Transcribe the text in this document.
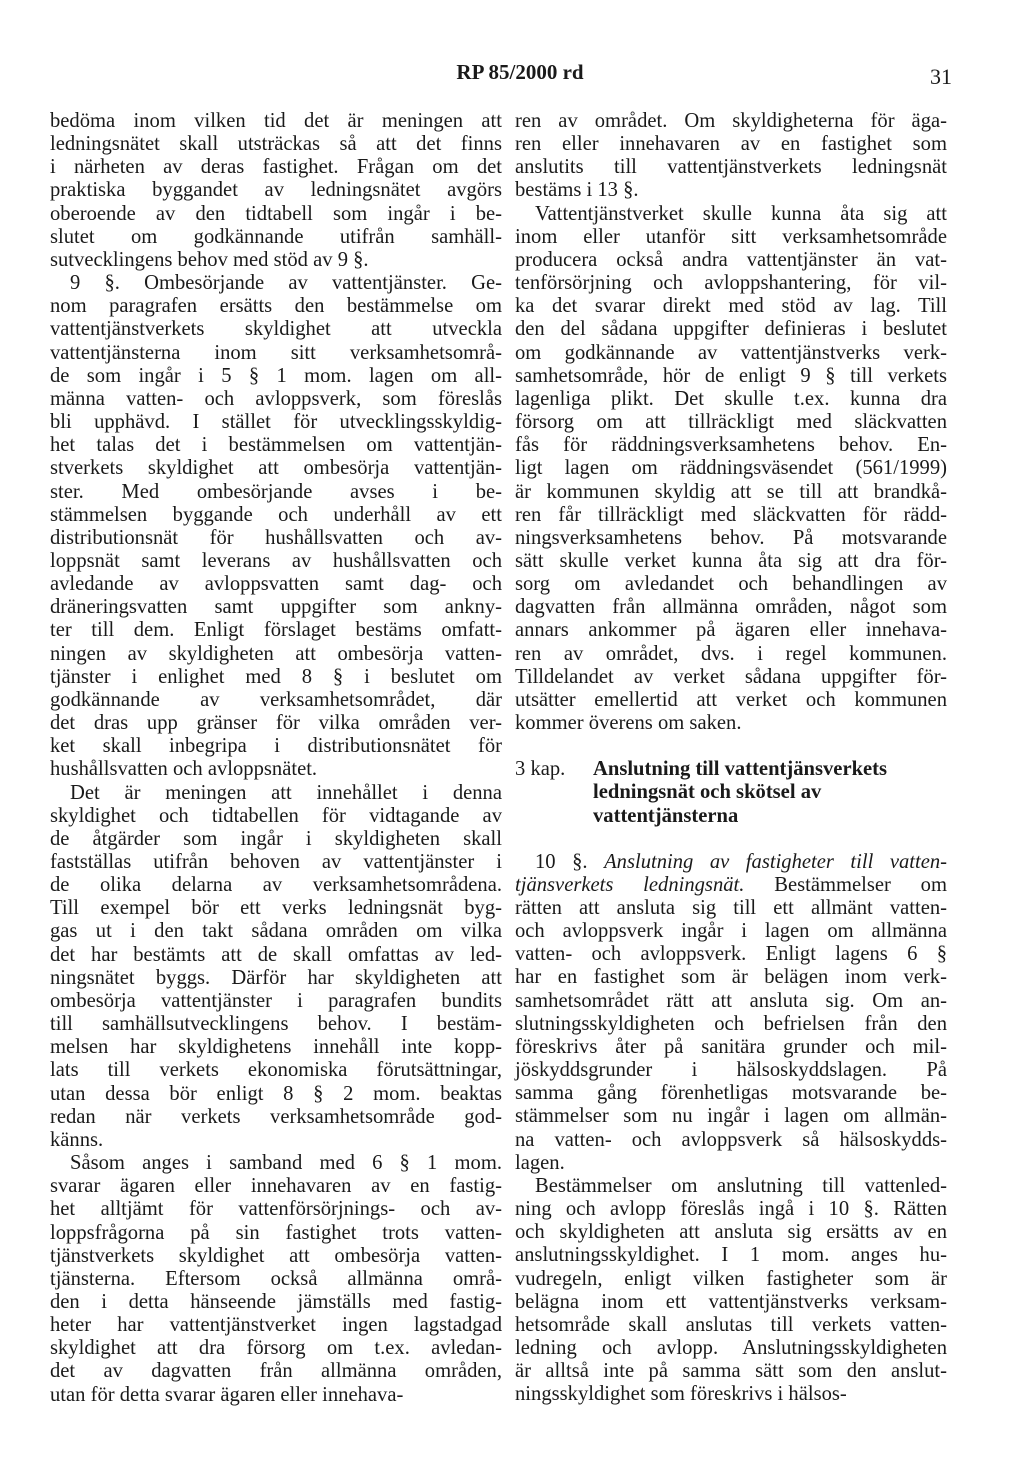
RP 85/2000 rd	31
bedöma inom vilken tid det är meningen att
ledningsnätet skall utsträckas så att det finns
i närheten av deras fastighet. Frågan om det
praktiska byggandet av ledningsnätet avgörs
oberoende av den tidtabell som ingår i be-
slutet om godkännande utifrån samhäll-
sutvecklingens behov med stöd av 9 §.
9 §. Ombesörjande av vattentjänster. Ge-
nom paragrafen ersätts den bestämmelse om
vattentjänstverkets skyldighet att utveckla
vattentjänsterna inom sitt verksamhetsområ-
de som ingår i 5 § 1 mom. lagen om all-
männa vatten- och avloppsverk, som föreslås
bli upphävd. I stället för utvecklingsskyldig-
het talas det i bestämmelsen om vattentjän-
stverkets skyldighet att ombesörja vattentjän-
ster. Med ombesörjande avses i be-
stämmelsen byggande och underhåll av ett
distributionsnät för hushållsvatten och av-
loppsnät samt leverans av hushållsvatten och
avledande av avloppsvatten samt dag- och
dräneringsvatten samt uppgifter som ankny-
ter till dem. Enligt förslaget bestäms omfatt-
ningen av skyldigheten att ombesörja vatten-
tjänster i enlighet med 8 § i beslutet om
godkännande av verksamhetsområdet, där
det dras upp gränser för vilka områden ver-
ket skall inbegripa i distributionsnätet för
hushållsvatten och avloppsnätet.
Det är meningen att innehållet i denna
skyldighet och tidtabellen för vidtagande av
de åtgärder som ingår i skyldigheten skall
fastställas utifrån behoven av vattentjänster i
de olika delarna av verksamhetsområdena.
Till exempel bör ett verks ledningsnät byg-
gas ut i den takt sådana områden om vilka
det har bestämts att de skall omfattas av led-
ningsnätet byggs. Därför har skyldigheten att
ombesörja vattentjänster i paragrafen bundits
till samhällsutvecklingens behov. I bestäm-
melsen har skyldighetens innehåll inte kopp-
lats till verkets ekonomiska förutsättningar,
utan dessa bör enligt 8 § 2 mom. beaktas
redan när verkets verksamhetsområde god-
känns.
Såsom anges i samband med 6 § 1 mom.
svarar ägaren eller innehavaren av en fastig-
het alltjämt för vattenförsörjnings- och av-
loppsfrågorna på sin fastighet trots vatten-
tjänstverkets skyldighet att ombesörja vatten-
tjänsterna. Eftersom också allmänna områ-
den i detta hänseende jämställs med fastig-
heter har vattentjänstverket ingen lagstadgad
skyldighet att dra försorg om t.ex. avledan-
det av dagvatten från allmänna områden,
utan för detta svarar ägaren eller innehava-
ren av området. Om skyldigheterna för äga-
ren eller innehavaren av en fastighet som
anslutits till vattentjänstverkets ledningsnät
bestäms i 13 §.
Vattentjänstverket skulle kunna åta sig att
inom eller utanför sitt verksamhetsområde
producera också andra vattentjänster än vat-
tenförsörjning och avloppshantering, för vil-
ka det svarar direkt med stöd av lag. Till
den del sådana uppgifter definieras i beslutet
om godkännande av vattentjänstverks verk-
samhetsområde, hör de enligt 9 § till verkets
lagenliga plikt. Det skulle t.ex. kunna dra
försorg om att tillräckligt med släckvatten
fås för räddningsverksamhetens behov. En-
ligt lagen om räddningsväsendet (561/1999)
är kommunen skyldig att se till att brandkå-
ren får tillräckligt med släckvatten för rädd-
ningsverksamhetens behov. På motsvarande
sätt skulle verket kunna åta sig att dra för-
sorg om avledandet och behandlingen av
dagvatten från allmänna områden, något som
annars ankommer på ägaren eller innehava-
ren av området, dvs. i regel kommunen.
Tilldelandet av verket sådana uppgifter för-
utsätter emellertid att verket och kommunen
kommer överens om saken.
3 kap.	Anslutning till vattentjänsverkets
ledningsnät och skötsel av
vattentjänsterna
10 §. Anslutning av fastigheter till vatten-
tjänsverkets ledningsnät. Bestämmelser om
rätten att ansluta sig till ett allmänt vatten-
och avloppsverk ingår i lagen om allmänna
vatten- och avloppsverk. Enligt lagens 6 §
har en fastighet som är belägen inom verk-
samhetsområdet rätt att ansluta sig. Om an-
slutningsskyldigheten och befrielsen från den
föreskrivs åter på sanitära grunder och mil-
jöskyddsgrunder i hälsoskyddslagen. På
samma gång förenhetligas motsvarande be-
stämmelser som nu ingår i lagen om allmän-
na vatten- och avloppsverk så hälsoskydds-
lagen.
Bestämmelser om anslutning till vattenled-
ning och avlopp föreslås ingå i 10 §. Rätten
och skyldigheten att ansluta sig ersätts av en
anslutningsskyldighet. I 1 mom. anges hu-
vudregeln, enligt vilken fastigheter som är
belägna inom ett vattentjänstverks verksam-
hetsområde skall anslutas till verkets vatten-
ledning och avlopp. Anslutningsskyldigheten
är alltså inte på samma sätt som den anslut-
ningsskyldighet som föreskrivs i hälsos-
